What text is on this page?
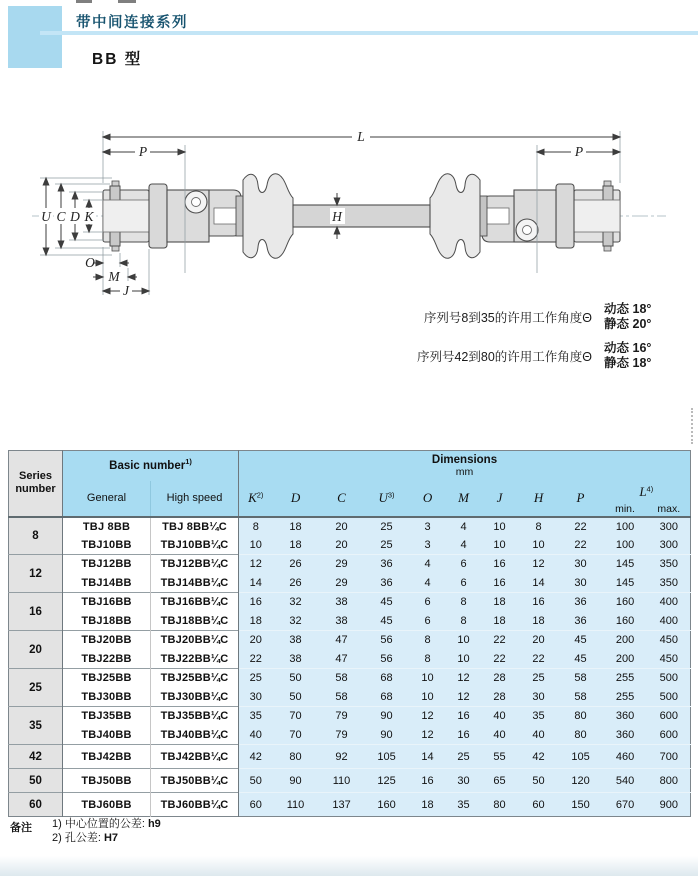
带中间连接系列
BB 型
L
P	P
U C D K	H
O
M
J
序列号8到35的许用工作角度Θ
动态 18°
静态 20°
序列号42到80的许用工作角度Θ
动态 16°
静态 18°
Series number	Basic number$^{1)}$		Dimensions
mm										

	General	High speed	$K^{2)}$	D	C	$U^{3)}$	O	M	J	H	P	$L^{4)}$
												min.	max.
8	TBJ 8BB	TBJ 8BB¼C	8	18	20	25	3	4	10	8	22	100	300
	TBJ10BB	TBJ10BB¼C	10	18	20	25	3	4	10	10	22	100	300
12	TBJ12BB	TBJ12BB¼C	12	26	29	36	4	6	16	12	30	145	350
	TBJ14BB	TBJ14BB¼C	14	26	29	36	4	6	16	14	30	145	350
16	TBJ16BB	TBJ16BB¼C	16	32	38	45	6	8	18	16	36	160	400
	TBJ18BB	TBJ18BB¼C	18	32	38	45	6	8	18	18	36	160	400
20	TBJ20BB	TBJ20BB¼C	20	38	47	56	8	10	22	20	45	200	450
	TBJ22BB	TBJ22BB¼C	22	38	47	56	8	10	22	22	45	200	450
25	TBJ25BB	TBJ25BB¼C	25	50	58	68	10	12	28	25	58	255	500
	TBJ30BB	TBJ30BB¼C	30	50	58	68	10	12	28	30	58	255	500
35	TBJ35BB	TBJ35BB¼C	35	70	79	90	12	16	40	35	80	360	600
	TBJ40BB	TBJ40BB¼C	40	70	79	90	12	16	40	40	80	360	600
42	TBJ42BB	TBJ42BB¼C	42	80	92	105	14	25	55	42	105	460	700
50	TBJ50BB	TBJ50BB¼C	50	90	110	125	16	30	65	50	120	540	800
60	TBJ60BB	TBJ60BB¼C	60	110	137	160	18	35	80	60	150	670	900
备注 1) 中心位置的公差: h9
2) 孔公差: H7
